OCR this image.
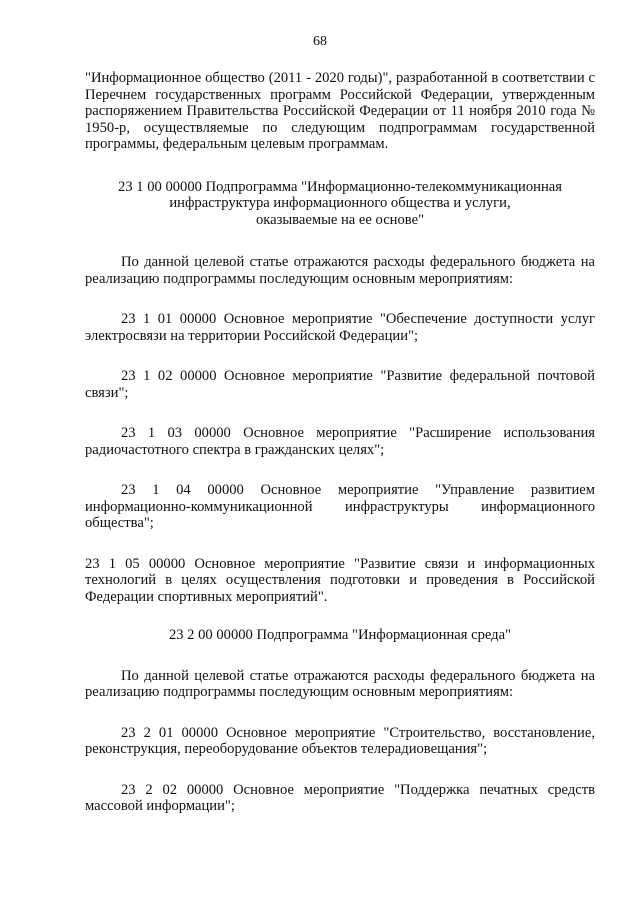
68

"Информационное общество (2011 - 2020 годы)", разработанной в соответствии с Перечнем государственных программ Российской Федерации, утвержденным распоряжением Правительства Российской Федерации от 11 ноября 2010 года № 1950-р, осуществляемые по следующим подпрограммам государственной программы, федеральным целевым программам.

23 1 00 00000 Подпрограмма "Информационно-телекоммуникационная
инфраструктура информационного общества и услуги,
оказываемые на ее основе"

По данной целевой статье отражаются расходы федерального бюджета на реализацию подпрограммы последующим основным мероприятиям:

23 1 01 00000 Основное мероприятие "Обеспечение доступности услуг электросвязи на территории Российской Федерации";

23 1 02 00000 Основное мероприятие "Развитие федеральной почтовой связи";

23 1 03 00000 Основное мероприятие "Расширение использования радиочастотного спектра в гражданских целях";

23 1 04 00000 Основное мероприятие "Управление развитием информационно-коммуникационной инфраструктуры информационного общества";

23 1 05 00000 Основное мероприятие "Развитие связи и информационных технологий в целях осуществления подготовки и проведения в Российской Федерации спортивных мероприятий".

23 2 00 00000 Подпрограмма "Информационная среда"

По данной целевой статье отражаются расходы федерального бюджета на реализацию подпрограммы последующим основным мероприятиям:

23 2 01 00000 Основное мероприятие "Строительство, восстановление, реконструкция, переоборудование объектов телерадиовещания";

23 2 02 00000 Основное мероприятие "Поддержка печатных средств массовой информации";
